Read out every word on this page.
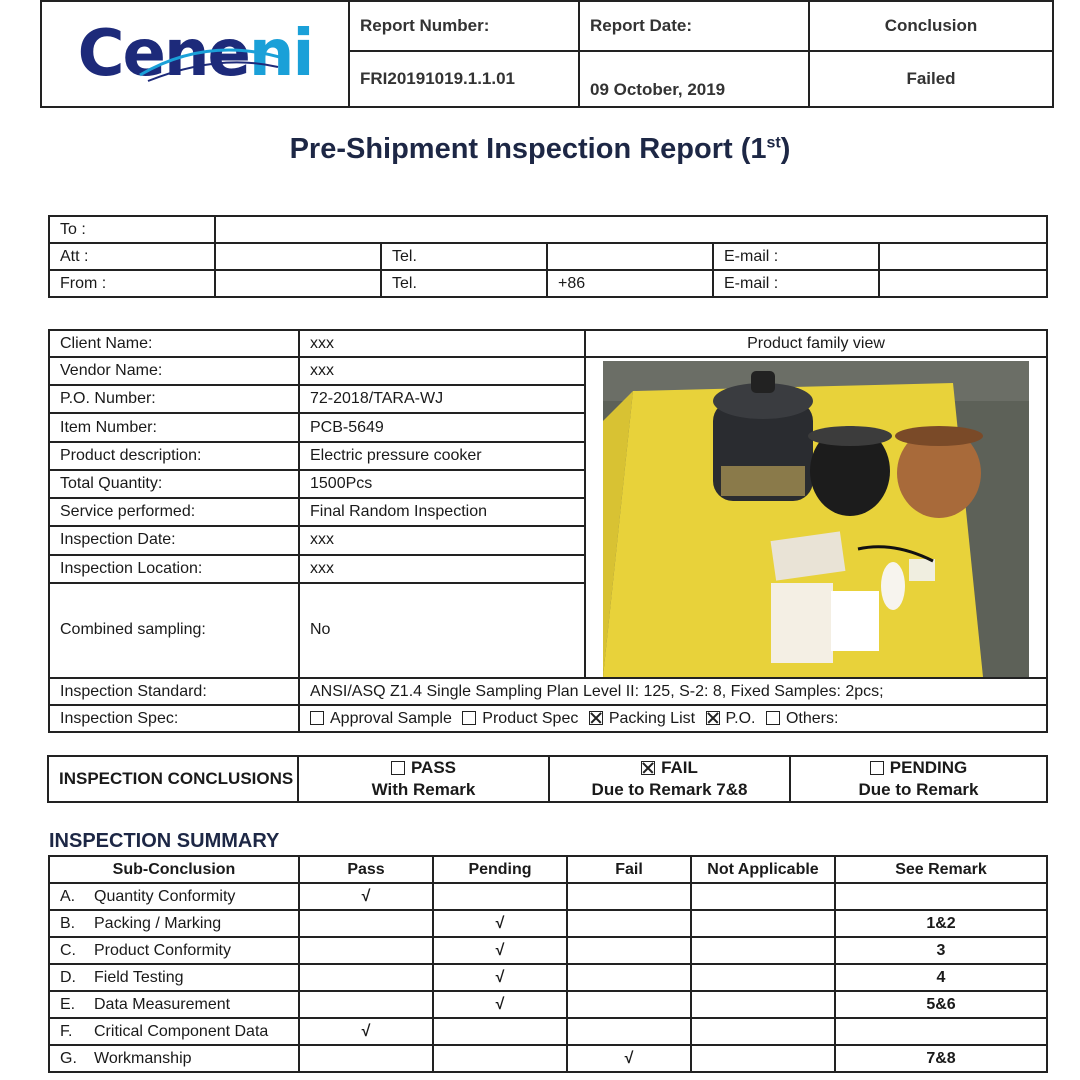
Ceneni	Report Number:	Report Date:	Conclusion
	FRI20191019.1.1.01	09 October, 2019	Failed
Pre-Shipment Inspection Report (1st)
To :					
Att :		Tel.		E-mail :	
From :		Tel.	+86	E-mail :	
Client Name:	xxx	Product family view
Vendor Name:	xxx	

P.O. Number:	72-2018/TARA-WJ	
Item Number:	PCB-5649	
Product description:	Electric pressure cooker	
Total Quantity:	1500Pcs	
Service performed:	Final Random Inspection	
Inspection Date:	xxx	
Inspection Location:	xxx	
Combined sampling:	No	
Inspection Standard:	ANSI/ASQ Z1.4 Single Sampling Plan Level II: 125, S-2: 8, Fixed Samples: 2pcs;	
Inspection Spec:	Approval Sample Product Spec Packing List P.O. Others:	
INSPECTION CONCLUSIONS	
PASS
With Remark

FAIL
Due to Remark 7&8

PENDING
Due to Remark
INSPECTION SUMMARY
Sub-Conclusion	Pass	Pending	Fail	Not Applicable	See Remark
A. Quantity Conformity	√				
B. Packing / Marking		√			1&2
C. Product Conformity		√			3
D. Field Testing		√			4
E. Data Measurement		√			5&6
F. Critical Component Data	√				
G. Workmanship			√		7&8
